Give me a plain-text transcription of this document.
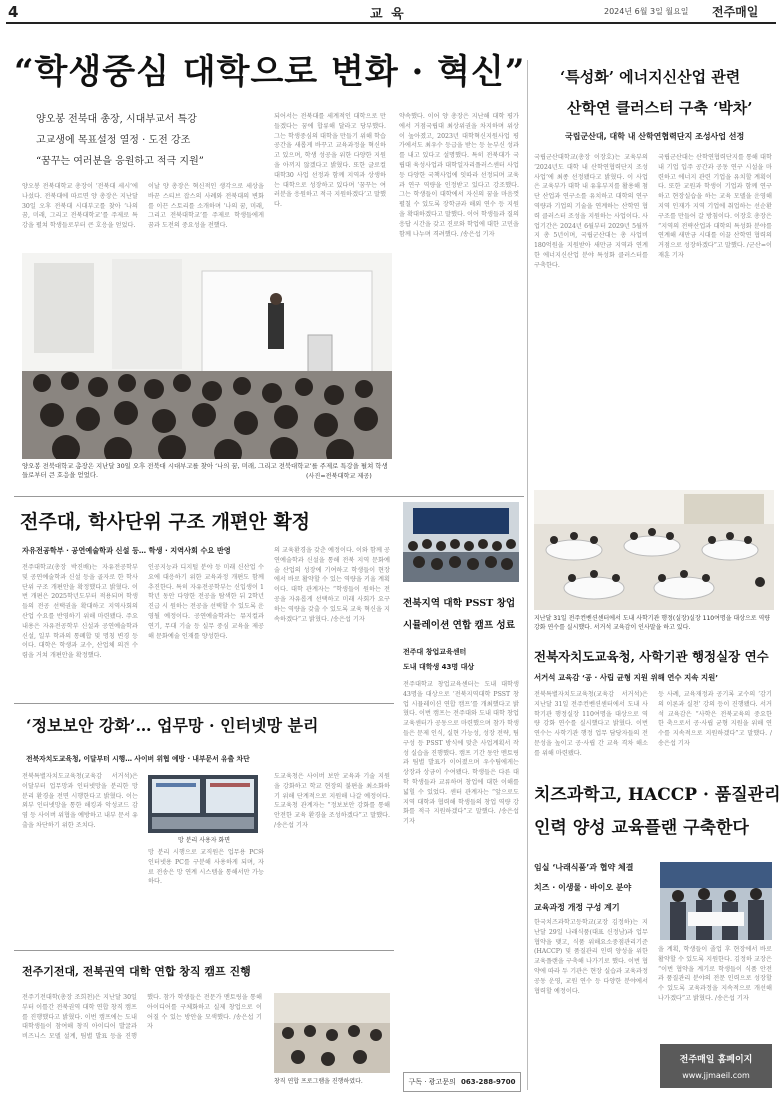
4	교 육	2024년 6월 3일 월요일 전주매일
“학생중심 대학으로 변화 · 혁신”
양오봉 전북대 총장, 시대부교서 특강
고교생에 목표설정 열정 · 도전 강조
“꿈꾸는 여러분을 응원하고 적극 지원”
양오봉 전북대학교 총장이 ‘전북대 세시’에 나섰다. 전북대에 따르면 양 총장은 지난달 30일 오후 전북대 시대부고를 찾아 ‘나의 꿈, 미래, 그리고 전북대학교’를 주제로 특강을 펼쳐 학생들로부터 큰 호응을 얻었다.
이날 양 총장은 혁신적인 생각으로 세상을 바꾼 스티브 잡스의 사례와 전북대의 변화를 이끈 스토리를 소개하며 ‘나의 꿈, 미래, 그리고 전북대학교’를 주제로 학생들에게 꿈과 도전의 중요성을 전했다.
되어서는 전북대를 세계적인 대학으로 만들겠다는 꿈에 합류해 달라고 당부했다. 그는 학생중심의 대학을 만들기 위해 학습 공간을 새롭게 바꾸고 교육과정을 혁신하고 있으며, 학생 성공을 위한 다양한 지원을 아끼지 않겠다고 밝혔다. 또한 글로컬대학30 사업 선정과 함께 지역과 상생하는 대학으로 성장하고 있다며 ‘꿈꾸는 여러분을 응원하고 적극 지원하겠다’고 말했다.
약속했다. 이어 양 총장은 지난해 대학 평가에서 거점국립대 최상위권을 차지하며 위상이 높아졌고, 2023년 대학혁신지원사업 평가에서도 최우수 등급을 받는 등 눈부신 성과를 내고 있다고 설명했다. 특히 전북대가 국립대 육성사업과 대학일자리플러스센터 사업 등 다양한 국책사업에 잇따라 선정되며 교육과 연구 역량을 인정받고 있다고 강조했다. 그는 학생들이 대학에서 자신의 꿈을 마음껏 펼칠 수 있도록 장학금과 해외 연수 등 지원을 확대하겠다고 말했다. 이어 학생들과 질의응답 시간을 갖고 진로와 학업에 대한 고민을 함께 나누며 격려했다. /송은섭 기자
양오봉 전북대학교 총장은 지난달 30일 오후 전북대 시대부고를 찾아 ‘나의 꿈, 미래, 그리고 전북대학교’를 주제로 특강을 펼쳐 학생들로부터 큰 호응을 얻었다.	(사진=전북대학교 제공)
‘특성화’ 에너지신산업 관련
산학연 클러스터 구축 ‘박차’
국립군산대, 대학 내 산학연협력단지 조성사업 선정
국립군산대학교(총장 이장호)는 교육부의 ‘2024년도 대학 내 산학연협력단지 조성사업’에 최종 선정됐다고 밝혔다. 이 사업은 교육부가 대학 내 유휴부지를 활용해 첨단 산업과 연구소를 유치하고 대학의 연구 역량과 기업의 기술을 연계하는 산학연 협력 클러스터 조성을 지원하는 사업이다. 사업기간은 2024년 6월부터 2029년 5월까지 총 5년이며, 국립군산대는 총 사업비 180억원을 지원받아 새만금 지역과 연계한 에너지신산업 분야 특성화 클러스터를 구축한다.
국립군산대는 산학연협력단지를 통해 대학 내 기업 입주 공간과 공동 연구 시설을 마련하고 에너지 관련 기업을 유치할 계획이다. 또한 교원과 학생이 기업과 함께 연구하고 현장실습을 하는 교육 모델을 운영해 지역 인재가 지역 기업에 취업하는 선순환 구조를 만들어 갈 방침이다. 이장호 총장은 “지역의 전략산업과 대학의 특성화 분야를 연계해 새만금 시대를 이끌 산학연 협력의 거점으로 성장하겠다”고 말했다. /군산=이재훈 기자
전주대, 학사단위 구조 개편안 확정
자유전공학부 · 공연예술학과 신설 등… 학생 · 지역사회 수요 반영
전주대학교(총장 박진배)는 자유전공학부 및 공연예술학과 신설 등을 골자로 한 학사단위 구조 개편안을 확정했다고 밝혔다. 이번 개편은 2025학년도부터 적용되며 학생들의 전공 선택권을 확대하고 지역사회의 산업 수요를 반영하기 위해 마련됐다. 주요 내용은 자유전공학부 신설과 공연예술학과 신설, 일부 학과의 통폐합 및 명칭 변경 등이다. 대학은 학생과 교수, 산업체 의견 수렴을 거쳐 개편안을 확정했다.
인공지능과 디지털 분야 등 미래 신산업 수요에 대응하기 위한 교육과정 개편도 함께 추진한다. 특히 자유전공학부는 신입생이 1학년 동안 다양한 전공을 탐색한 뒤 2학년 진급 시 원하는 전공을 선택할 수 있도록 운영될 예정이다. 공연예술학과는 뮤지컬과 연기, 무대 기술 등 실무 중심 교육을 제공해 문화예술 인재를 양성한다.
의 교육환경을 갖춘 예정이다. 이와 함께 공연예술학과 신설을 통해 전북 지역 문화예술 산업의 성장에 기여하고 학생들이 현장에서 바로 활약할 수 있는 역량을 키울 계획이다. 대학 관계자는 “학생들이 원하는 전공을 자유롭게 선택하고 미래 사회가 요구하는 역량을 갖출 수 있도록 교육 혁신을 지속하겠다”고 밝혔다. /송은섭 기자
전북지역 대학 PSST 창업
시뮬레이션 연합 캠프 성료
전주대 창업교육센터
도내 대학생 43명 대상
전주대학교 창업교육센터는 도내 대학생 43명을 대상으로 ‘전북지역대학 PSST 창업 시뮬레이션 연합 캠프’를 개최했다고 밝혔다. 이번 캠프는 전주대와 도내 대학 창업교육센터가 공동으로 마련했으며 참가 학생들은 문제 인식, 실현 가능성, 성장 전략, 팀 구성 등 PSST 방식에 맞춘 사업계획서 작성 실습을 진행했다. 캠프 기간 동안 멘토링과 팀별 발표가 이어졌으며 우수팀에게는 상장과 상금이 수여됐다. 학생들은 다른 대학 학생들과 교류하며 창업에 대한 이해를 넓힐 수 있었다. 센터 관계자는 “앞으로도 지역 대학과 협력해 학생들의 창업 역량 강화를 적극 지원하겠다”고 말했다. /송은섭 기자
지난달 31일 전주컨벤션센터에서 도내 사학기관 행정(실장)실장 110여명을 대상으로 역량 강화 연수를 실시했다. 서거석 교육감이 인사말을 하고 있다.
전북자치도교육청, 사학기관 행정실장 연수
서거석 교육감 ‘공 · 사립 균형 지원 위해 연수 지속 지원’
전북특별자치도교육청(교육감 서거석)은 지난달 31일 전주컨벤션센터에서 도내 사학기관 행정실장 110여명을 대상으로 역량 강화 연수를 실시했다고 밝혔다. 이번 연수는 사학기관 행정 업무 담당자들의 전문성을 높이고 공·사립 간 교육 격차 해소를 위해 마련됐다.
등 사례, 교육재정과 공기록 교수의 ‘감기의 이론과 실천’ 강의 등이 진행됐다. 서거석 교육감은 “사학은 전북교육의 중요한 한 축으로서 공·사립 균형 지원을 위해 연수를 지속적으로 지원하겠다”고 말했다. /송은섭 기자
‘정보보안 강화’… 업무망 · 인터넷망 분리
전북자치도교육청, 이달부터 시행… 사이버 위협 예방 · 내부문서 유출 차단
전북특별자치도교육청(교육감 서거석)은 이달부터 업무망과 인터넷망을 분리한 망 분리 환경을 전면 시행한다고 밝혔다. 이는 외부 인터넷망을 통한 해킹과 악성코드 감염 등 사이버 위협을 예방하고 내부 문서 유출을 차단하기 위한 조치다.
망 분리 사용자 화면
망 분리 시행으로 교직원은 업무용 PC와 인터넷용 PC를 구분해 사용하게 되며, 자료 전송은 망 연계 시스템을 통해서만 가능하다.
도교육청은 사이버 보안 교육과 기술 지원을 강화하고 학교 현장의 불편을 최소화하기 위해 단계적으로 지원해 나갈 예정이다. 도교육청 관계자는 “정보보안 강화를 통해 안전한 교육 환경을 조성하겠다”고 말했다. /송은섭 기자
전주기전대, 전북권역 대학 연합 창직 캠프 진행
전주기전대학(총장 조희천)은 지난달 30일부터 이틀간 전북권역 대학 연합 창직 캠프를 진행했다고 밝혔다. 이번 캠프에는 도내 대학생들이 참여해 창직 아이디어 발굴과 비즈니스 모델 설계, 팀별 발표 등을 진행했다. 참가 학생들은 전문가 멘토링을 통해 아이디어를 구체화하고 실제 창업으로 이어질 수 있는 방안을 모색했다. /송은섭 기자
창직 연합 프로그램을 진행하였다.	구독 · 광고문의 063-288-9700
치즈과학고, HACCP · 품질관리
인력 양성 교육플랜 구축한다
임실 ‘나래식품’과 협약 체결
치즈 · 이생물 · 바이오 분야
교육과정 개정 구성 계기
한국치즈과학고등학교(교장 김정하)는 지난달 29일 나래식품(대표 신정남)과 업무협약을 맺고, 식품 위해요소중점관리기준(HACCP) 및 품질관리 인력 양성을 위한 교육플랜을 구축해 나가기로 했다. 이번 협약에 따라 두 기관은 현장 실습과 교육과정 공동 운영, 교원 연수 등 다양한 분야에서 협력할 예정이다.
을 계획, 학생들이 졸업 후 현장에서 바로 활약할 수 있도록 지원한다. 김정하 교장은 “이번 협약을 계기로 학생들이 식품 안전과 품질관리 분야의 전문 인력으로 성장할 수 있도록 교육과정을 지속적으로 개선해 나가겠다”고 밝혔다. /송은섭 기자
전주매일 홈페이지
www.jjmaeil.com
